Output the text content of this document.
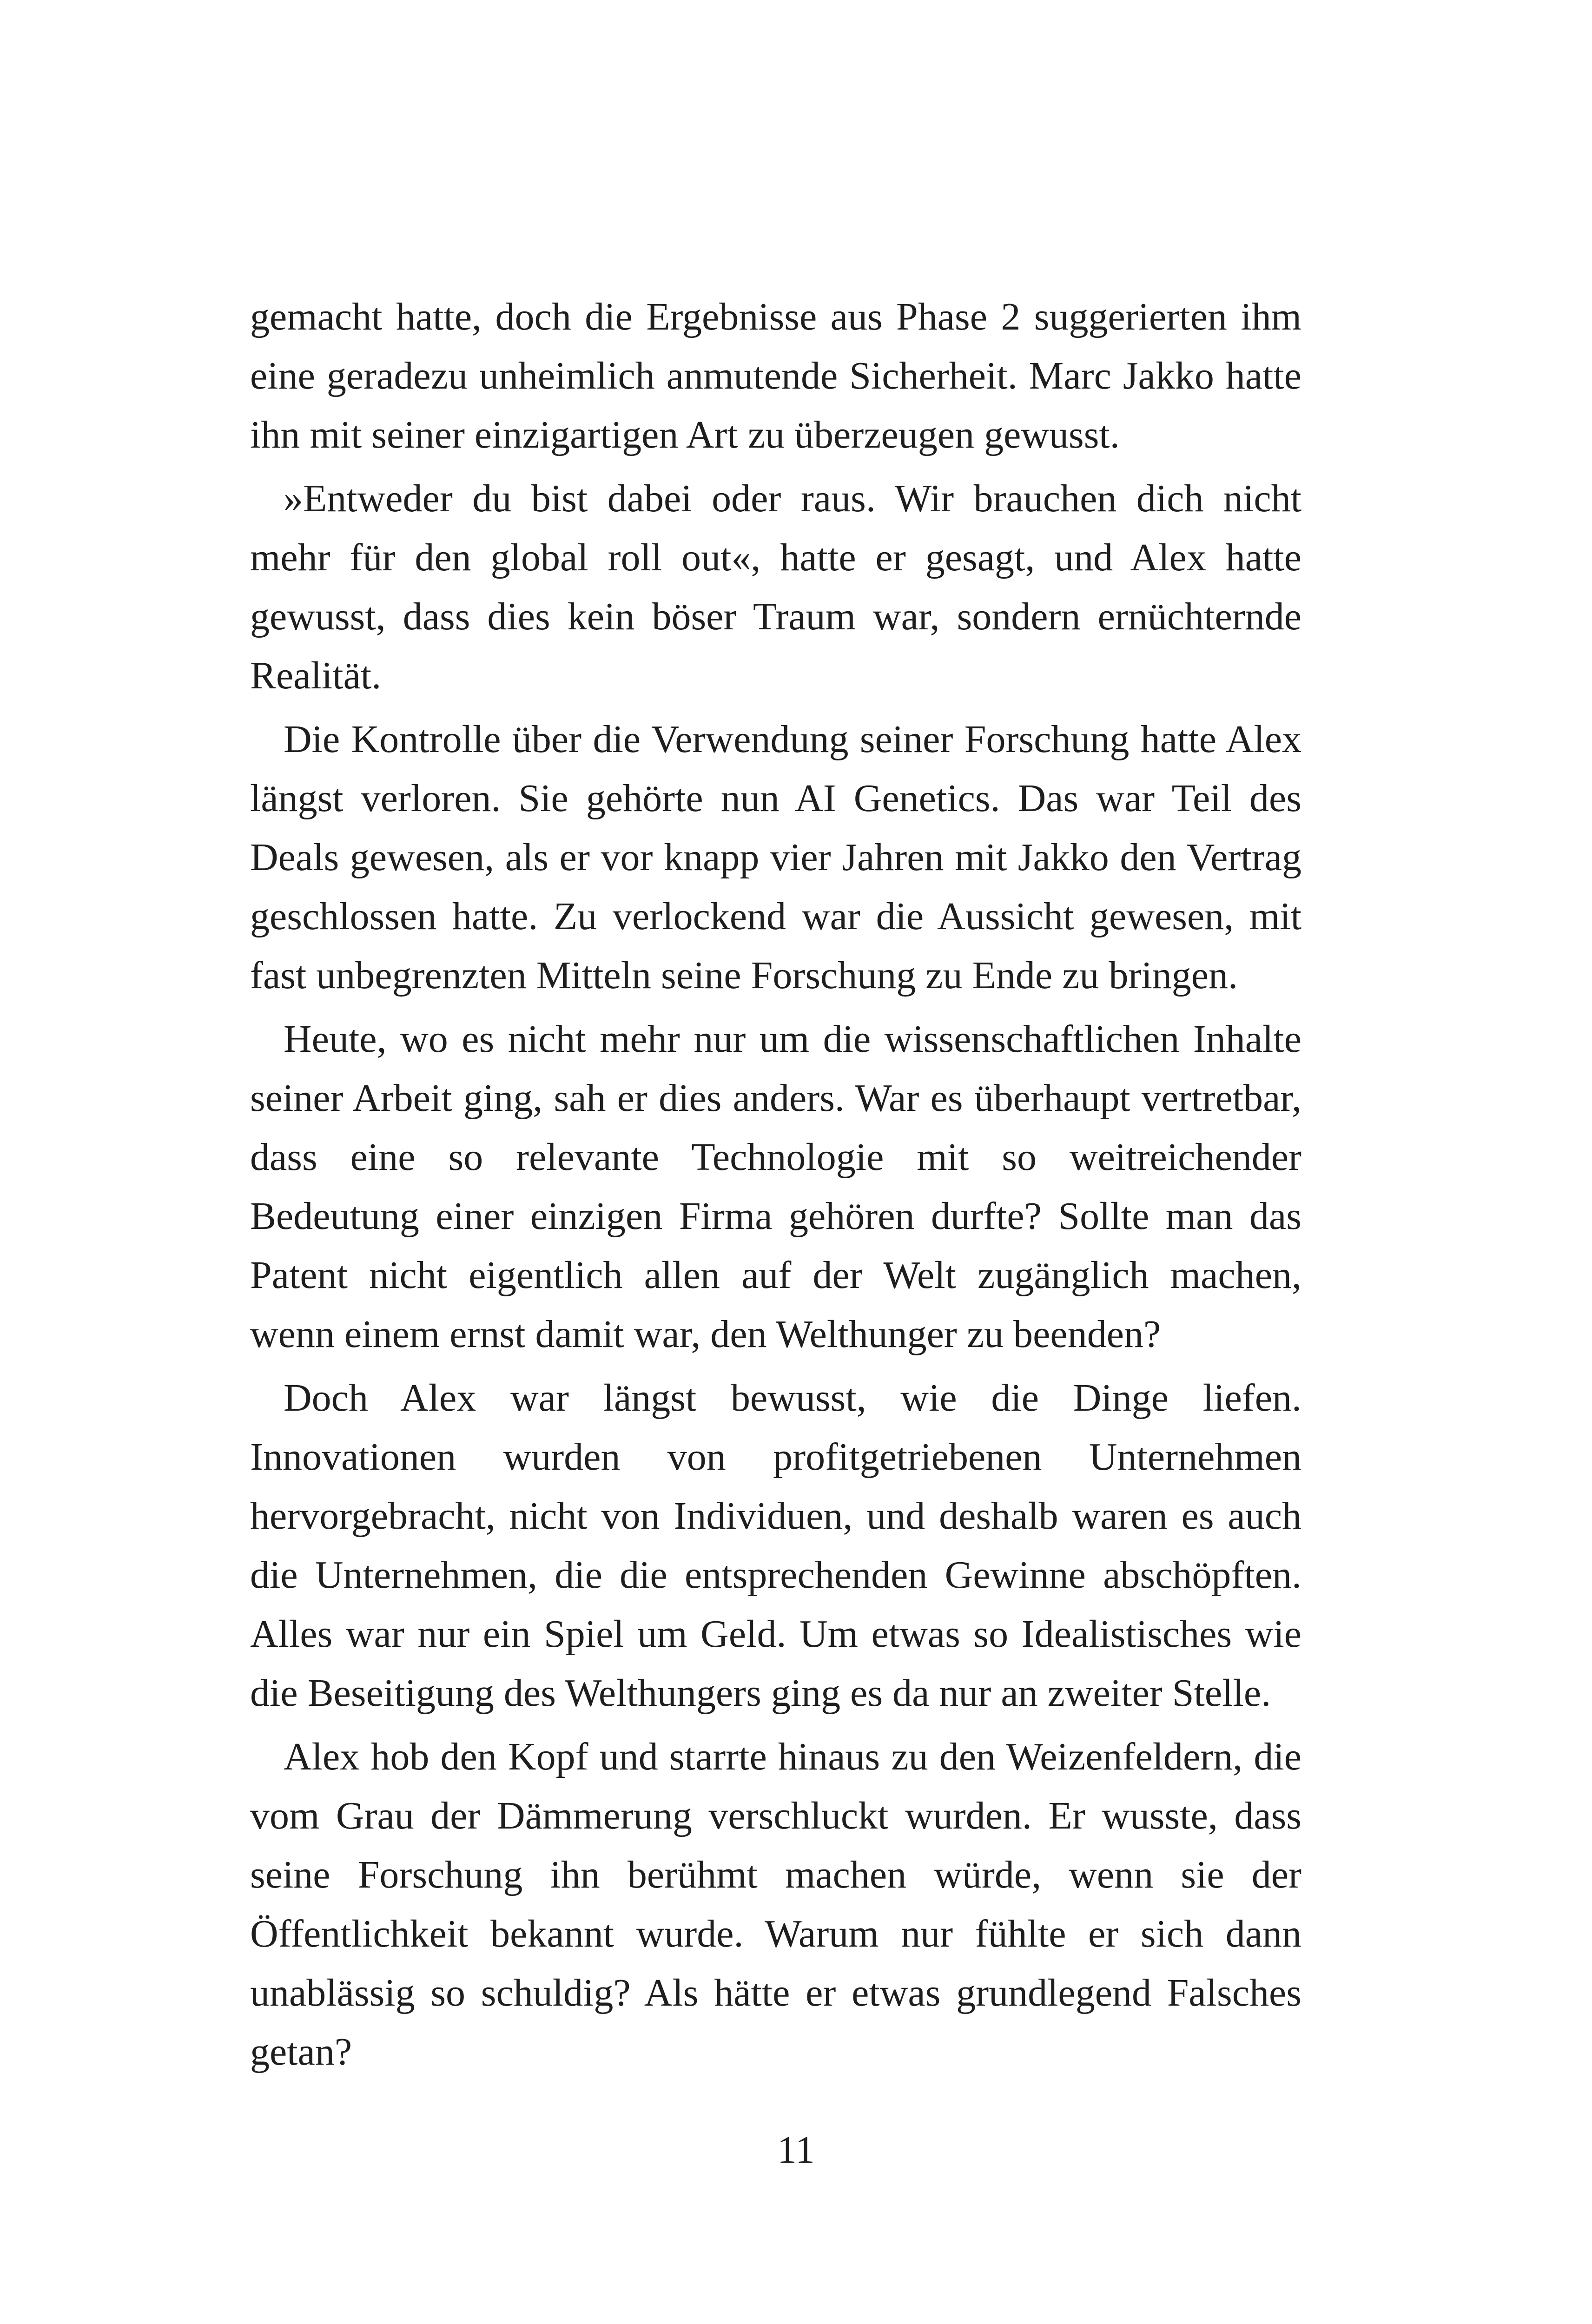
gemacht hatte, doch die Ergebnisse aus Phase 2 suggerierten ihm eine geradezu unheimlich anmutende Sicherheit. Marc Jakko hatte ihn mit seiner einzigartigen Art zu überzeugen gewusst.

»Entweder du bist dabei oder raus. Wir brauchen dich nicht mehr für den global roll out«, hatte er gesagt, und Alex hatte gewusst, dass dies kein böser Traum war, sondern ernüchternde Realität.

Die Kontrolle über die Verwendung seiner Forschung hatte Alex längst verloren. Sie gehörte nun AI Genetics. Das war Teil des Deals gewesen, als er vor knapp vier Jahren mit Jakko den Vertrag geschlossen hatte. Zu verlockend war die Aussicht gewesen, mit fast unbegrenzten Mitteln seine Forschung zu Ende zu bringen.

Heute, wo es nicht mehr nur um die wissenschaftlichen Inhalte seiner Arbeit ging, sah er dies anders. War es überhaupt vertretbar, dass eine so relevante Technologie mit so weitreichender Bedeutung einer einzigen Firma gehören durfte? Sollte man das Patent nicht eigentlich allen auf der Welt zugänglich machen, wenn einem ernst damit war, den Welthunger zu beenden?

Doch Alex war längst bewusst, wie die Dinge liefen. Innovationen wurden von profitgetriebenen Unternehmen hervorgebracht, nicht von Individuen, und deshalb waren es auch die Unternehmen, die die entsprechenden Gewinne abschöpften. Alles war nur ein Spiel um Geld. Um etwas so Idealistisches wie die Beseitigung des Welthungers ging es da nur an zweiter Stelle.

Alex hob den Kopf und starrte hinaus zu den Weizenfeldern, die vom Grau der Dämmerung verschluckt wurden. Er wusste, dass seine Forschung ihn berühmt machen würde, wenn sie der Öffentlichkeit bekannt wurde. Warum nur fühlte er sich dann unablässig so schuldig? Als hätte er etwas grundlegend Falsches getan?

11
